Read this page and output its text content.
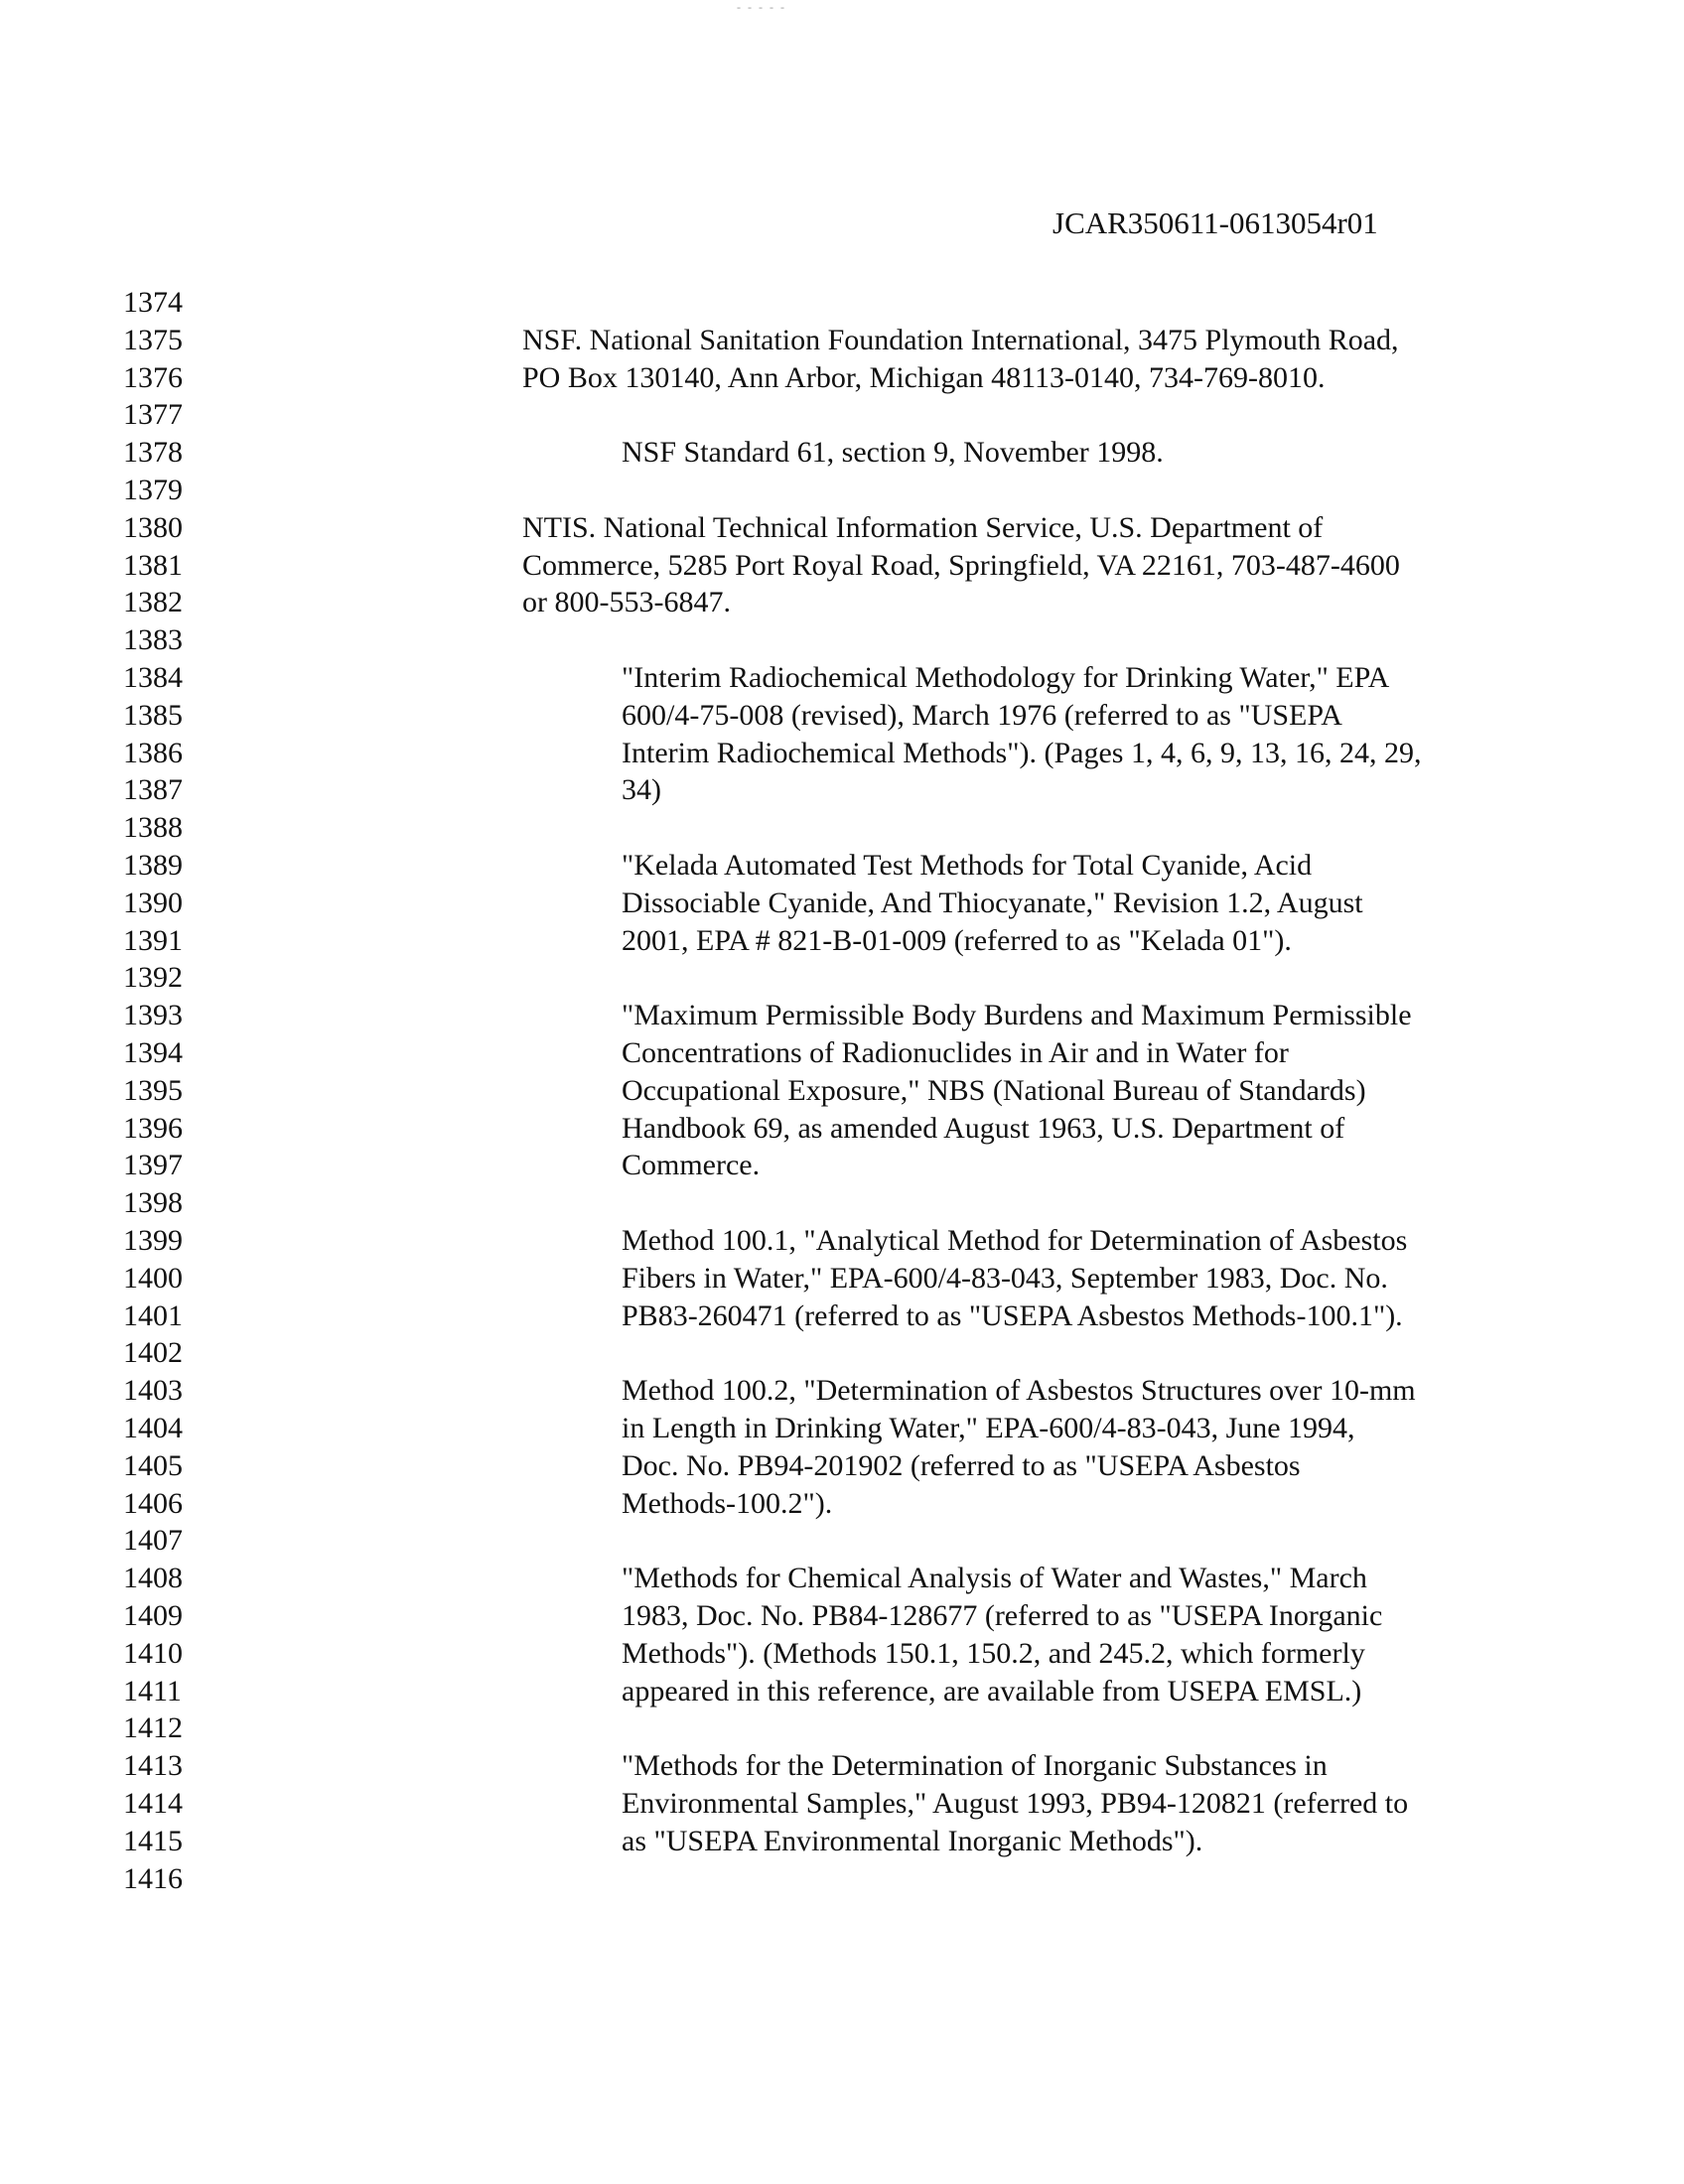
- - - - -
JCAR350611-0613054r01
1374
1375	NSF. National Sanitation Foundation International, 3475 Plymouth Road,
1376	PO Box 130140, Ann Arbor, Michigan 48113-0140, 734-769-8010.
1377
1378	NSF Standard 61, section 9, November 1998.
1379
1380	NTIS. National Technical Information Service, U.S. Department of
1381	Commerce, 5285 Port Royal Road, Springfield, VA 22161, 703-487-4600
1382	or 800-553-6847.
1383
1384	"Interim Radiochemical Methodology for Drinking Water," EPA
1385	600/4-75-008 (revised), March 1976 (referred to as "USEPA
1386	Interim Radiochemical Methods"). (Pages 1, 4, 6, 9, 13, 16, 24, 29,
1387	34)
1388
1389	"Kelada Automated Test Methods for Total Cyanide, Acid
1390	Dissociable Cyanide, And Thiocyanate," Revision 1.2, August
1391	2001, EPA # 821-B-01-009 (referred to as "Kelada 01").
1392
1393	"Maximum Permissible Body Burdens and Maximum Permissible
1394	Concentrations of Radionuclides in Air and in Water for
1395	Occupational Exposure," NBS (National Bureau of Standards)
1396	Handbook 69, as amended August 1963, U.S. Department of
1397	Commerce.
1398
1399	Method 100.1, "Analytical Method for Determination of Asbestos
1400	Fibers in Water," EPA-600/4-83-043, September 1983, Doc. No.
1401	PB83-260471 (referred to as "USEPA Asbestos Methods-100.1").
1402
1403	Method 100.2, "Determination of Asbestos Structures over 10-mm
1404	in Length in Drinking Water," EPA-600/4-83-043, June 1994,
1405	Doc. No. PB94-201902 (referred to as "USEPA Asbestos
1406	Methods-100.2").
1407
1408	"Methods for Chemical Analysis of Water and Wastes," March
1409	1983, Doc. No. PB84-128677 (referred to as "USEPA Inorganic
1410	Methods"). (Methods 150.1, 150.2, and 245.2, which formerly
1411	appeared in this reference, are available from USEPA EMSL.)
1412
1413	"Methods for the Determination of Inorganic Substances in
1414	Environmental Samples," August 1993, PB94-120821 (referred to
1415	as "USEPA Environmental Inorganic Methods").
1416
